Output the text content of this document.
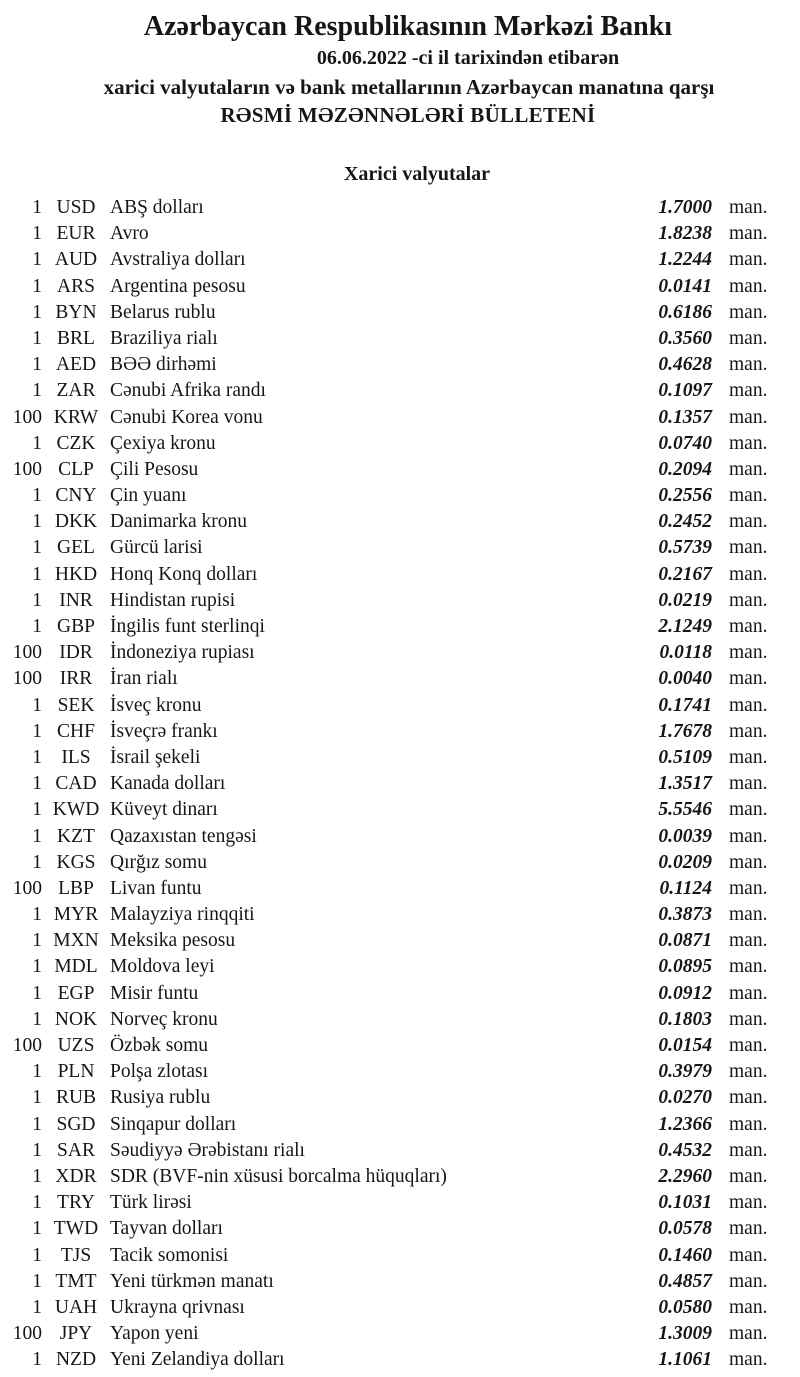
Azərbaycan Respublikasının Mərkəzi Bankı
06.06.2022 -ci il tarixindən etibarən
xarici valyutaların və bank metallarının Azərbaycan manatına qarşı
RƏSMİ MƏZƏNNƏLƏRİ BÜLLETENİ
Xarici valyutalar
1 USD ABŞ dolları	1.7000 man.
1 EUR Avro	1.8238 man.
1 AUD Avstraliya dolları	1.2244 man.
1 ARS Argentina pesosu	0.0141 man.
1 BYN Belarus rublu	0.6186 man.
1 BRL Braziliya rialı	0.3560 man.
1 AED BƏƏ dirhəmi	0.4628 man.
1 ZAR Cənubi Afrika randı	0.1097 man.
100 KRW Cənubi Korea vonu	0.1357 man.
1 CZK Çexiya kronu	0.0740 man.
100 CLP Çili Pesosu	0.2094 man.
1 CNY Çin yuanı	0.2556 man.
1 DKK Danimarka kronu	0.2452 man.
1 GEL Gürcü larisi	0.5739 man.
1 HKD Honq Konq dolları	0.2167 man.
1 INR Hindistan rupisi	0.0219 man.
1 GBP İngilis funt sterlinqi	2.1249 man.
100 IDR İndoneziya rupiası	0.0118 man.
100 IRR İran rialı	0.0040 man.
1 SEK İsveç kronu	0.1741 man.
1 CHF İsveçrə frankı	1.7678 man.
1 ILS İsrail şekeli	0.5109 man.
1 CAD Kanada dolları	1.3517 man.
1 KWD Küveyt dinarı	5.5546 man.
1 KZT Qazaxıstan tengəsi	0.0039 man.
1 KGS Qırğız somu	0.0209 man.
100 LBP Livan funtu	0.1124 man.
1 MYR Malayziya rinqqiti	0.3873 man.
1 MXN Meksika pesosu	0.0871 man.
1 MDL Moldova leyi	0.0895 man.
1 EGP Misir funtu	0.0912 man.
1 NOK Norveç kronu	0.1803 man.
100 UZS Özbək somu	0.0154 man.
1 PLN Polşa zlotası	0.3979 man.
1 RUB Rusiya rublu	0.0270 man.
1 SGD Sinqapur dolları	1.2366 man.
1 SAR Səudiyyə Ərəbistanı rialı	0.4532 man.
1 XDR SDR (BVF-nin xüsusi borcalma hüquqları)	2.2960 man.
1 TRY Türk lirəsi	0.1031 man.
1 TWD Tayvan dolları	0.0578 man.
1 TJS Tacik somonisi	0.1460 man.
1 TMT Yeni türkmən manatı	0.4857 man.
1 UAH Ukrayna qrivnası	0.0580 man.
100 JPY Yapon yeni	1.3009 man.
1 NZD Yeni Zelandiya dolları	1.1061 man.
